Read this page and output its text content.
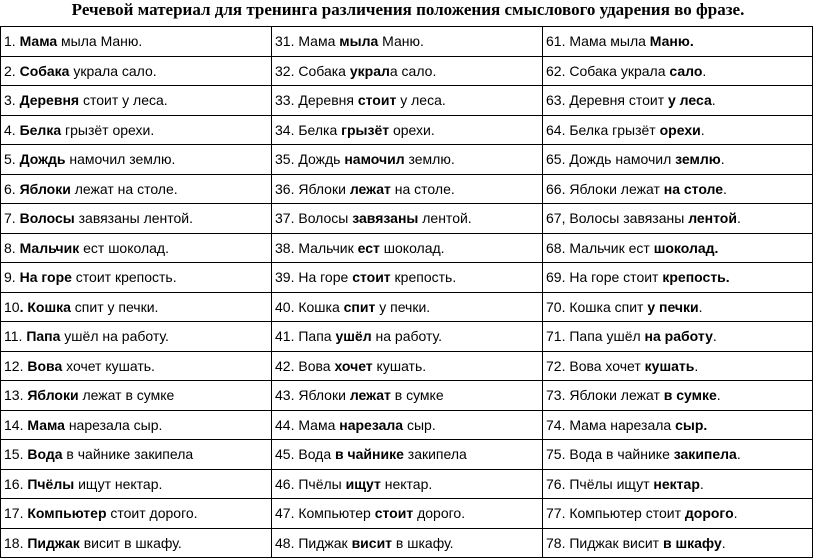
Речевой материал для тренинга различения положения смыслового ударения во фразе.
1. Мама мыла Маню.	31. Мама мыла Маню.	61. Мама мыла Маню.
2. Собака украла сало.	32. Собака украла сало.	62. Собака украла сало.
3. Деревня стоит у леса.	33. Деревня стоит у леса.	63. Деревня стоит у леса.
4. Белка грызёт орехи.	34. Белка грызёт орехи.	64. Белка грызёт орехи.
5. Дождь намочил землю.	35. Дождь намочил землю.	65. Дождь намочил землю.
6. Яблоки лежат на столе.	36. Яблоки лежат на столе.	66. Яблоки лежат на столе.
7. Волосы завязаны лентой.	37. Волосы завязаны лентой.	67, Волосы завязаны лентой.
8. Мальчик ест шоколад.	38. Мальчик ест шоколад.	68. Мальчик ест шоколад.
9. На горе стоит крепость.	39. На горе стоит крепость.	69. На горе стоит крепость.
10. Кошка спит у печки.	40. Кошка спит у печки.	70. Кошка спит у печки.
11. Папа ушёл на работу.	41. Папа ушёл на работу.	71. Папа ушёл на работу.
12. Вова хочет кушать.	42. Вова хочет кушать.	72. Вова хочет кушать.
13. Яблоки лежат в сумке	43. Яблоки лежат в сумке	73. Яблоки лежат в сумке.
14. Мама нарезала сыр.	44. Мама нарезала сыр.	74. Мама нарезала сыр.
15. Вода в чайнике закипела	45. Вода в чайнике закипела	75. Вода в чайнике закипела.
16. Пчёлы ищут нектар.	46. Пчёлы ищут нектар.	76. Пчёлы ищут нектар.
17. Компьютер стоит дорого.	47. Компьютер стоит дорого.	77. Компьютер стоит дорого.
18. Пиджак висит в шкафу.	48. Пиджак висит в шкафу.	78. Пиджак висит в шкафу.
